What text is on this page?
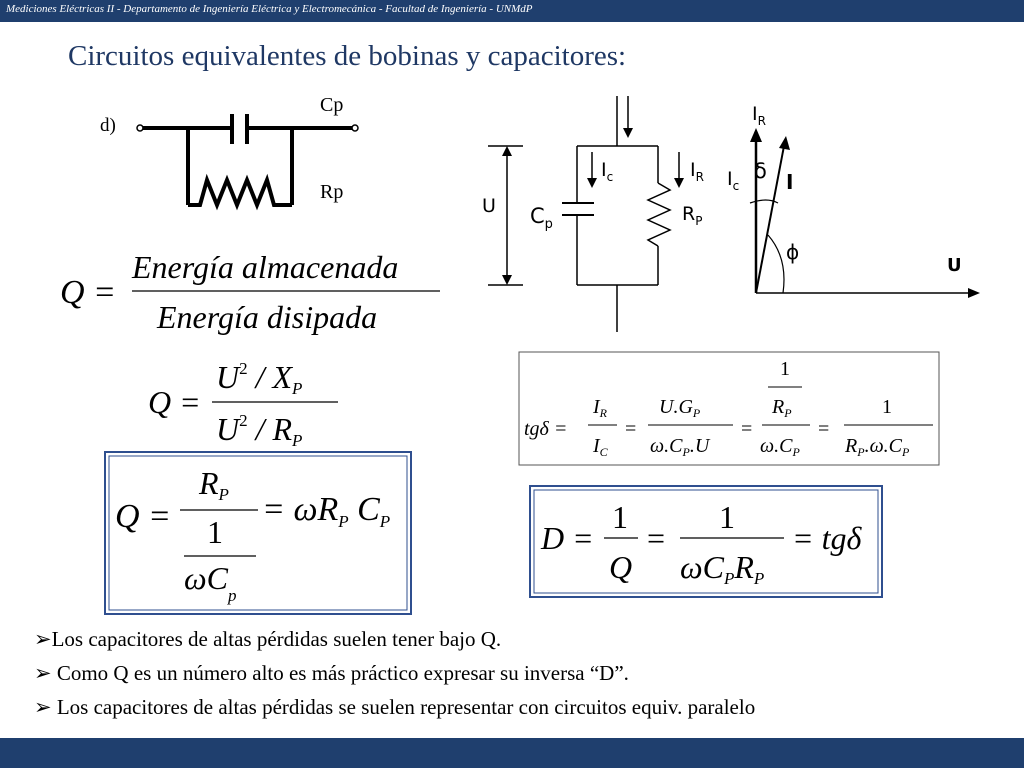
Mediciones Eléctricas II - Departamento de Ingeniería Eléctrica y Electromecánica - Facultad de Ingeniería - UNMdP
Circuitos equivalentes de bobinas y capacitores:
d)
Cp
Rp
U $C_p$	$R_P$
$I_c$	$I_R$
$I_R$
$I_c$
δ I
ϕ
U
Q =
Energía almacenada
Energía disipada
Q =
$U^2$ / XP
$U^2$ / RP
Q =
RP
1
$\omega C_p$
= $\omega R_P$ $C_P$
tgδ =
$I_R$
$I_C$
=
$U.G_P$
$\omega.C_P.U$
=
1
$R_P$
$\omega.C_P$
=
1
$R_P.\omega.C_P$
D =
1
Q
=
1
ωCPRP
= tgδ
➢Los capacitores de altas pérdidas suelen tener bajo Q.
➢ Como Q es un número alto es más práctico expresar su inversa “D”.
➢ Los capacitores de altas pérdidas se suelen representar con circuitos equiv. paralelo
